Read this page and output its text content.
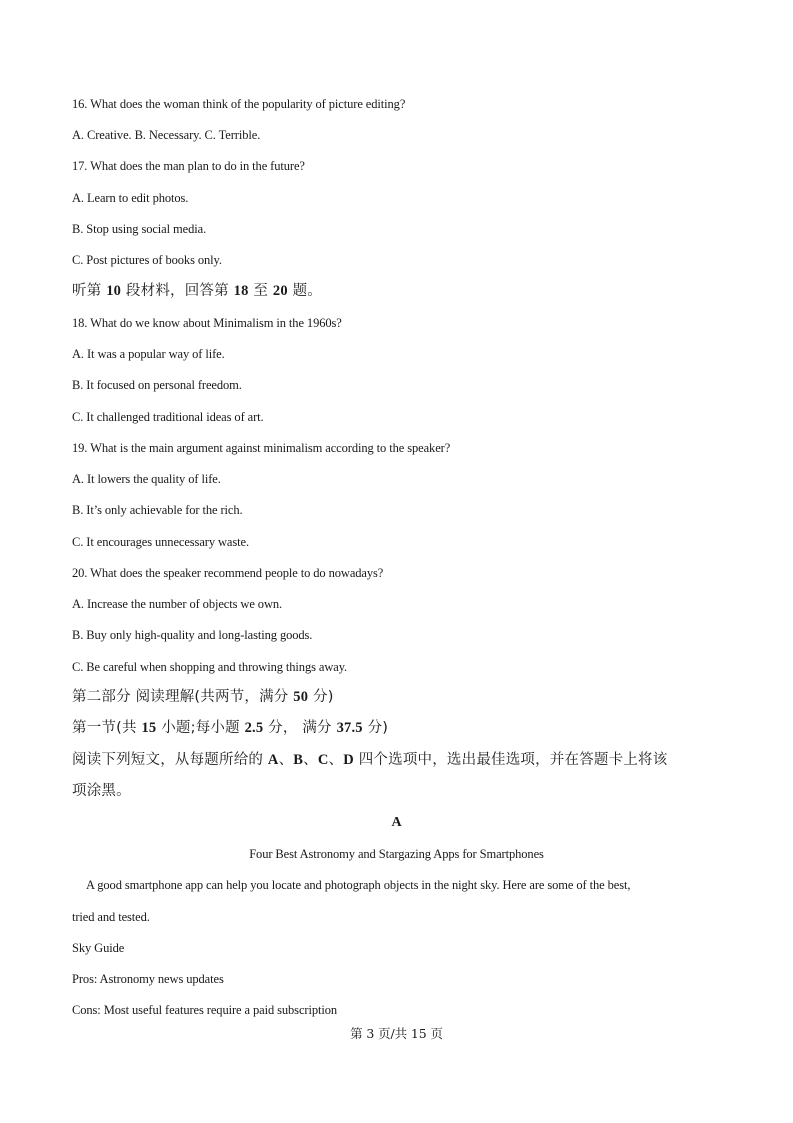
16. What does the woman think of the popularity of picture editing?
A. Creative. B. Necessary. C. Terrible.
17. What does the man plan to do in the future?
A. Learn to edit photos.
B. Stop using social media.
C. Post pictures of books only.
听第 10 段材料，回答第 18 至 20 题。
18. What do we know about Minimalism in the 1960s?
A. It was a popular way of life.
B. It focused on personal freedom.
C. It challenged traditional ideas of art.
19. What is the main argument against minimalism according to the speaker?
A. It lowers the quality of life.
B. It’s only achievable for the rich.
C. It encourages unnecessary waste.
20. What does the speaker recommend people to do nowadays?
A. Increase the number of objects we own.
B. Buy only high-quality and long-lasting goods.
C. Be careful when shopping and throwing things away.
第二部分 阅读理解(共两节，满分 50 分)
第一节(共 15 小题;每小题 2.5 分， 满分 37.5 分)
阅读下列短文，从每题所给的 A、B、C、D 四个选项中，选出最佳选项，并在答题卡上将该
项涂黑。
A
Four Best Astronomy and Stargazing Apps for Smartphones
A good smartphone app can help you locate and photograph objects in the night sky. Here are some of the best,
tried and tested.
Sky Guide
Pros: Astronomy news updates
Cons: Most useful features require a paid subscription
第 3 页/共 15 页
